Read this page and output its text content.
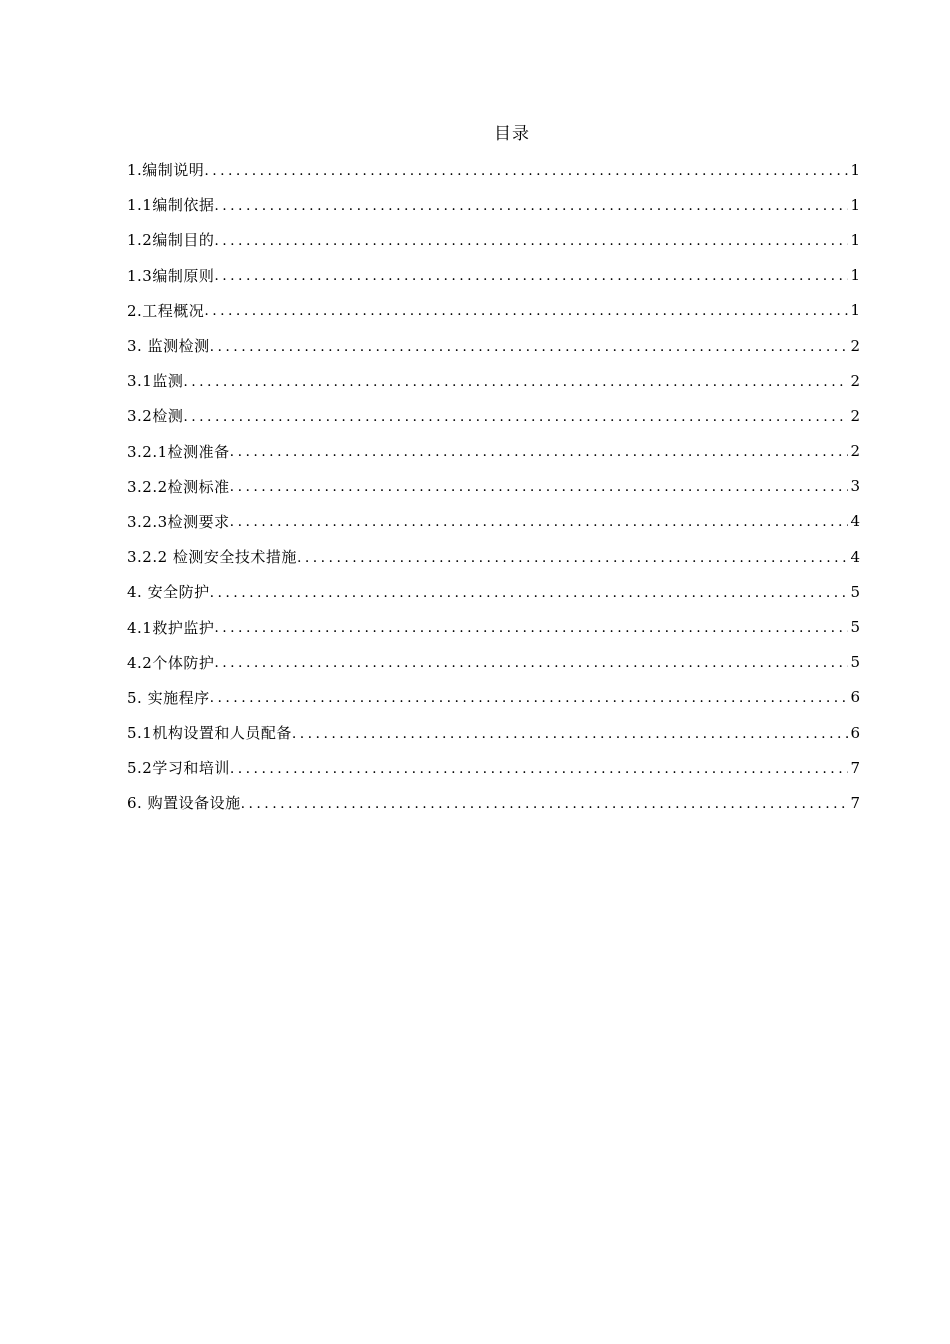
目录
1.编制说明 . . .	1
1.1编制依据 . . .	1
1.2编制目的 . . .	1
1.3编制原则 . . .	1
2.工程概况 . . .	1
3. 监测检测 . . .	2
3.1监测 . . .	2
3.2检测 . . .	2
3.2.1检测准备 . . .	2
3.2.2检测标准 . . .	3
3.2.3检测要求 . . .	4
3.2.2 检测安全技术措施 . . .	4
4. 安全防护 . . .	5
4.1救护监护 . . .	5
4.2个体防护 . . .	5
5. 实施程序 . . .	6
5.1机构设置和人员配备 . . .	6
5.2学习和培训 . . .	7
6. 购置设备设施 . . .	7
